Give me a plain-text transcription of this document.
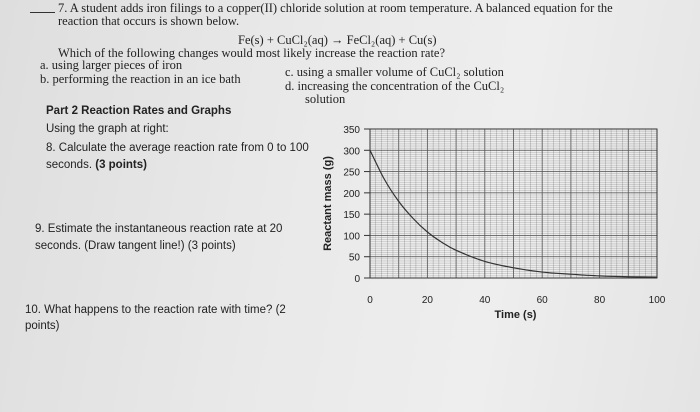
7. A student adds iron filings to a copper(II) chloride solution at room temperature. A balanced equation for the
reaction that occurs is shown below.
Fe(s) + CuCl₂(aq) → FeCl₂(aq) + Cu(s)
Which of the following changes would most likely increase the reaction rate?
a. using larger pieces of iron
b. performing the reaction in an ice bath	c. using a smaller volume of CuCl₂ solution
d. increasing the concentration of the CuCl₂
solution
Part 2 Reaction Rates and Graphs
Using the graph at right:
8. Calculate the average reaction rate from 0 to 100
seconds. (3 points)
9. Estimate the instantaneous reaction rate at 20
seconds. (Draw tangent line!) (3 points)
10. What happens to the reaction rate with time? (2
points)
0	20	40	60	80	100
0
50
100
150
200
250
300
350
Reactant mass (g)
Time (s)
